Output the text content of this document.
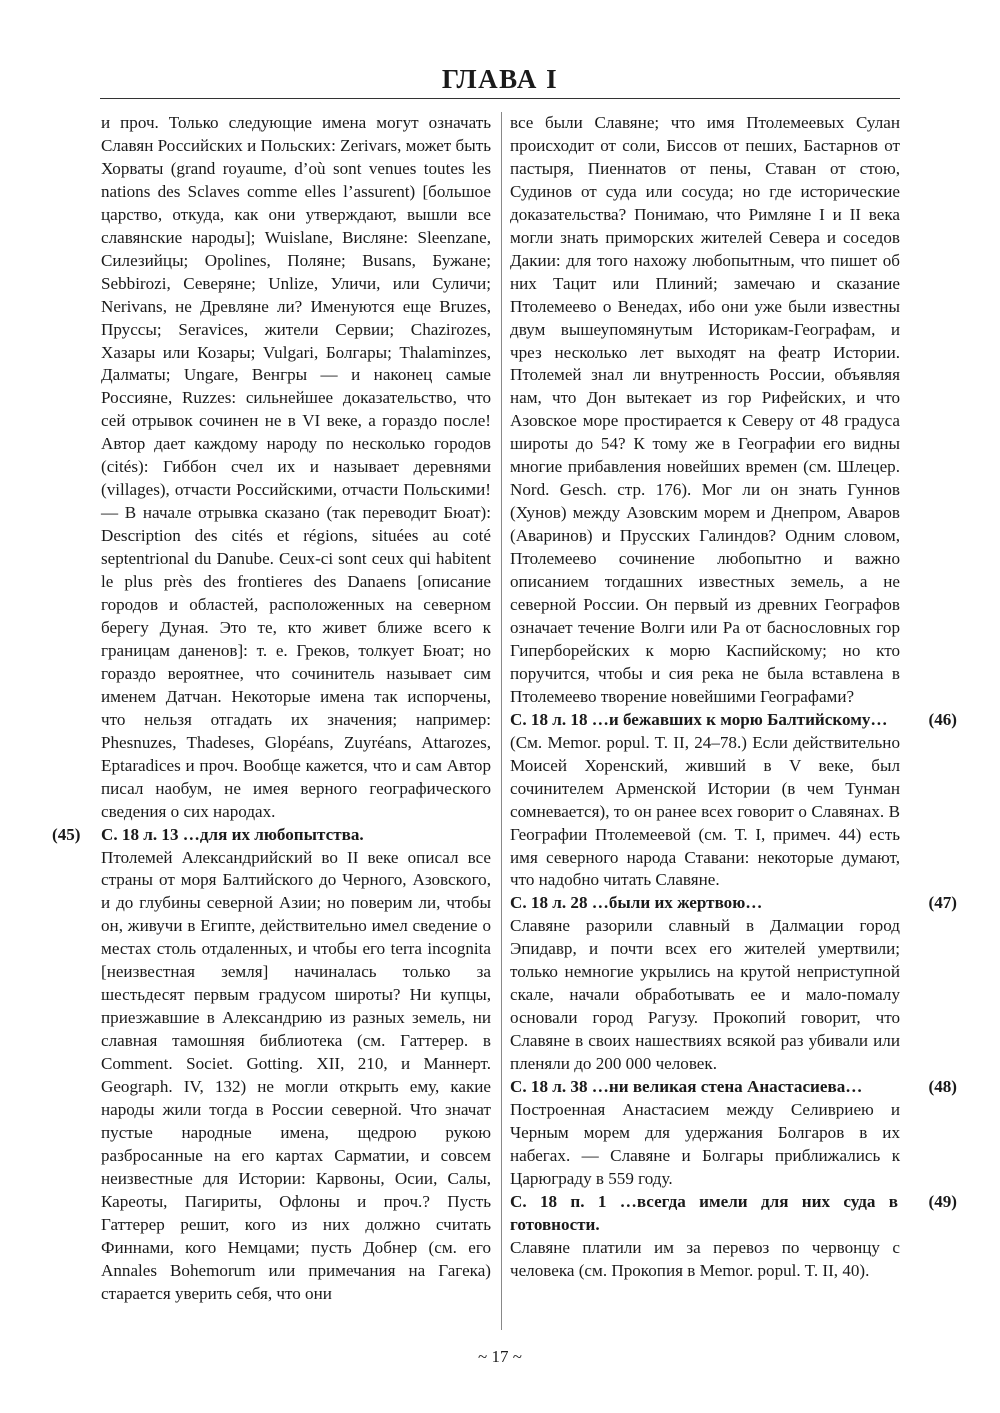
ГЛАВА I

и проч. Только следующие имена могут означать Славян Российских и Польских: Zerivars, может быть Хорваты (grand royaume, d’où sont venues toutes les nations des Sclaves comme elles l’assurent) [большое царство, откуда, как они утверждают, вышли все славянские народы]; Wuislane, Висляне: Sleenzane, Силезийцы; Opolines, Поляне; Busans, Бужане; Sebbirozi, Северяне; Unlize, Уличи, или Суличи; Nerivans, не Древляне ли? Именуются еще Bruzes, Пруссы; Seravices, жители Сервии; Chazirozes, Хазары или Козары; Vulgari, Болгары; Thalaminzes, Далматы; Ungare, Венгры — и наконец самые Россияне, Ruzzes: сильнейшее доказательство, что сей отрывок сочинен не в VI веке, а гораздо после! Автор дает каждому народу по несколько городов (cités): Гиббон счел их и называет деревнями (villages), отчасти Российскими, отчасти Польскими! — В начале отрывка сказано (так переводит Бюат): Description des cités et régions, situées au coté septentrional du Danube. Ceux-ci sont ceux qui habitent le plus près des frontieres des Danaens [описание городов и областей, расположенных на северном берегу Дуная. Это те, кто живет ближе всего к границам даненов]: т. е. Греков, толкует Бюат; но гораздо вероятнее, что сочинитель называет сим именем Датчан. Некоторые имена так испорчены, что нельзя отгадать их значения; например: Phesnuzes, Thadeses, Glopéans, Zuyréans, Attarozes, Eptaradices и проч. Вообще кажется, что и сам Автор писал наобум, не имея верного географического сведения о сих народах.

(45) С. 18 л. 13 …для их любопытства.

Птолемей Александрийский во II веке описал все страны от моря Балтийского до Черного, Азовского, и до глубины северной Азии; но поверим ли, чтобы он, живучи в Египте, действительно имел сведение о местах столь отдаленных, и чтобы его terra incognita [неизвестная земля] начиналась только за шестьдесят первым градусом широты? Ни купцы, приезжавшие в Александрию из разных земель, ни славная тамошняя библиотека (см. Гаттерер. в Comment. Societ. Gotting. XII, 210, и Маннерт. Geograph. IV, 132) не могли открыть ему, какие народы жили тогда в России северной. Что значат пустые народные имена, щедрою рукою разбросанные на его картах Сарматии, и совсем неизвестные для Истории: Карвоны, Осии, Салы, Кареоты, Пагириты, Офлоны и проч.? Пусть Гаттерер решит, кого из них должно считать Финнами, кого Немцами; пусть Добнер (см. его Annales Bohemorum или примечания на Гагека) старается уверить себя, что они

все были Славяне; что имя Птолемеевых Сулан происходит от соли, Биссов от пеших, Бастарнов от пастыря, Пиеннатов от пены, Ставан от стою, Судинов от суда или сосуда; но где исторические доказательства? Понимаю, что Римляне I и II века могли знать приморских жителей Севера и соседов Дакии: для того нахожу любопытным, что пишет об них Тацит или Плиний; замечаю и сказание Птолемеево о Венедах, ибо они уже были известны двум вышеупомянутым Историкам-Географам, и чрез несколько лет выходят на феатр Истории. Птолемей знал ли внутренность России, объявляя нам, что Дон вытекает из гор Рифейских, и что Азовское море простирается к Северу от 48 градуса широты до 54? К тому же в Географии его видны многие прибавления новейших времен (см. Шлецер. Nord. Gesch. стр. 176). Мог ли он знать Гуннов (Хунов) между Азовским морем и Днепром, Аваров (Аваринов) и Прусских Галиндов? Одним словом, Птолемеево сочинение любопытно и важно описанием тогдашних известных земель, а не северной России. Он первый из древних Географов означает течение Волги или Ра от баснословных гор Гиперборейских к морю Каспийскому; но кто поручится, чтобы и сия река не была вставлена в Птолемеево творение новейшими Географами?

(46)
С. 18 л. 18 …и бежавших к морю Балтийскому…

(См. Memor. popul. T. II, 24–78.) Если действительно Моисей Хоренский, живший в V веке, был сочинителем Арменской Истории (в чем Тунман сомневается), то он ранее всех говорит о Славянах. В Географии Птолемеевой (см. Т. I, примеч. 44) есть имя северного народа Ставани: некоторые думают, что надобно читать Славяне.

(47)
С. 18 л. 28 …были их жертвою…

Славяне разорили славный в Далмации город Эпидавр, и почти всех его жителей умертвили; только немногие укрылись на крутой неприступной скале, начали обработывать ее и мало-помалу основали город Рагузу. Прокопий говорит, что Славяне в своих нашествиях всякой раз убивали или пленяли до 200 000 человек.

(48)
С. 18 л. 38 …ни великая стена Анастасиева…

Построенная Анастасием между Селивриею и Черным морем для удержания Болгаров в их набегах. — Славяне и Болгары приближались к Царюграду в 559 году.

(49)
С. 18 п. 1 …всегда имели для них суда в готовности.

Славяне платили им за перевоз по червонцу с человека (см. Прокопия в Memor. popul. T. II, 40).

~ 17 ~
